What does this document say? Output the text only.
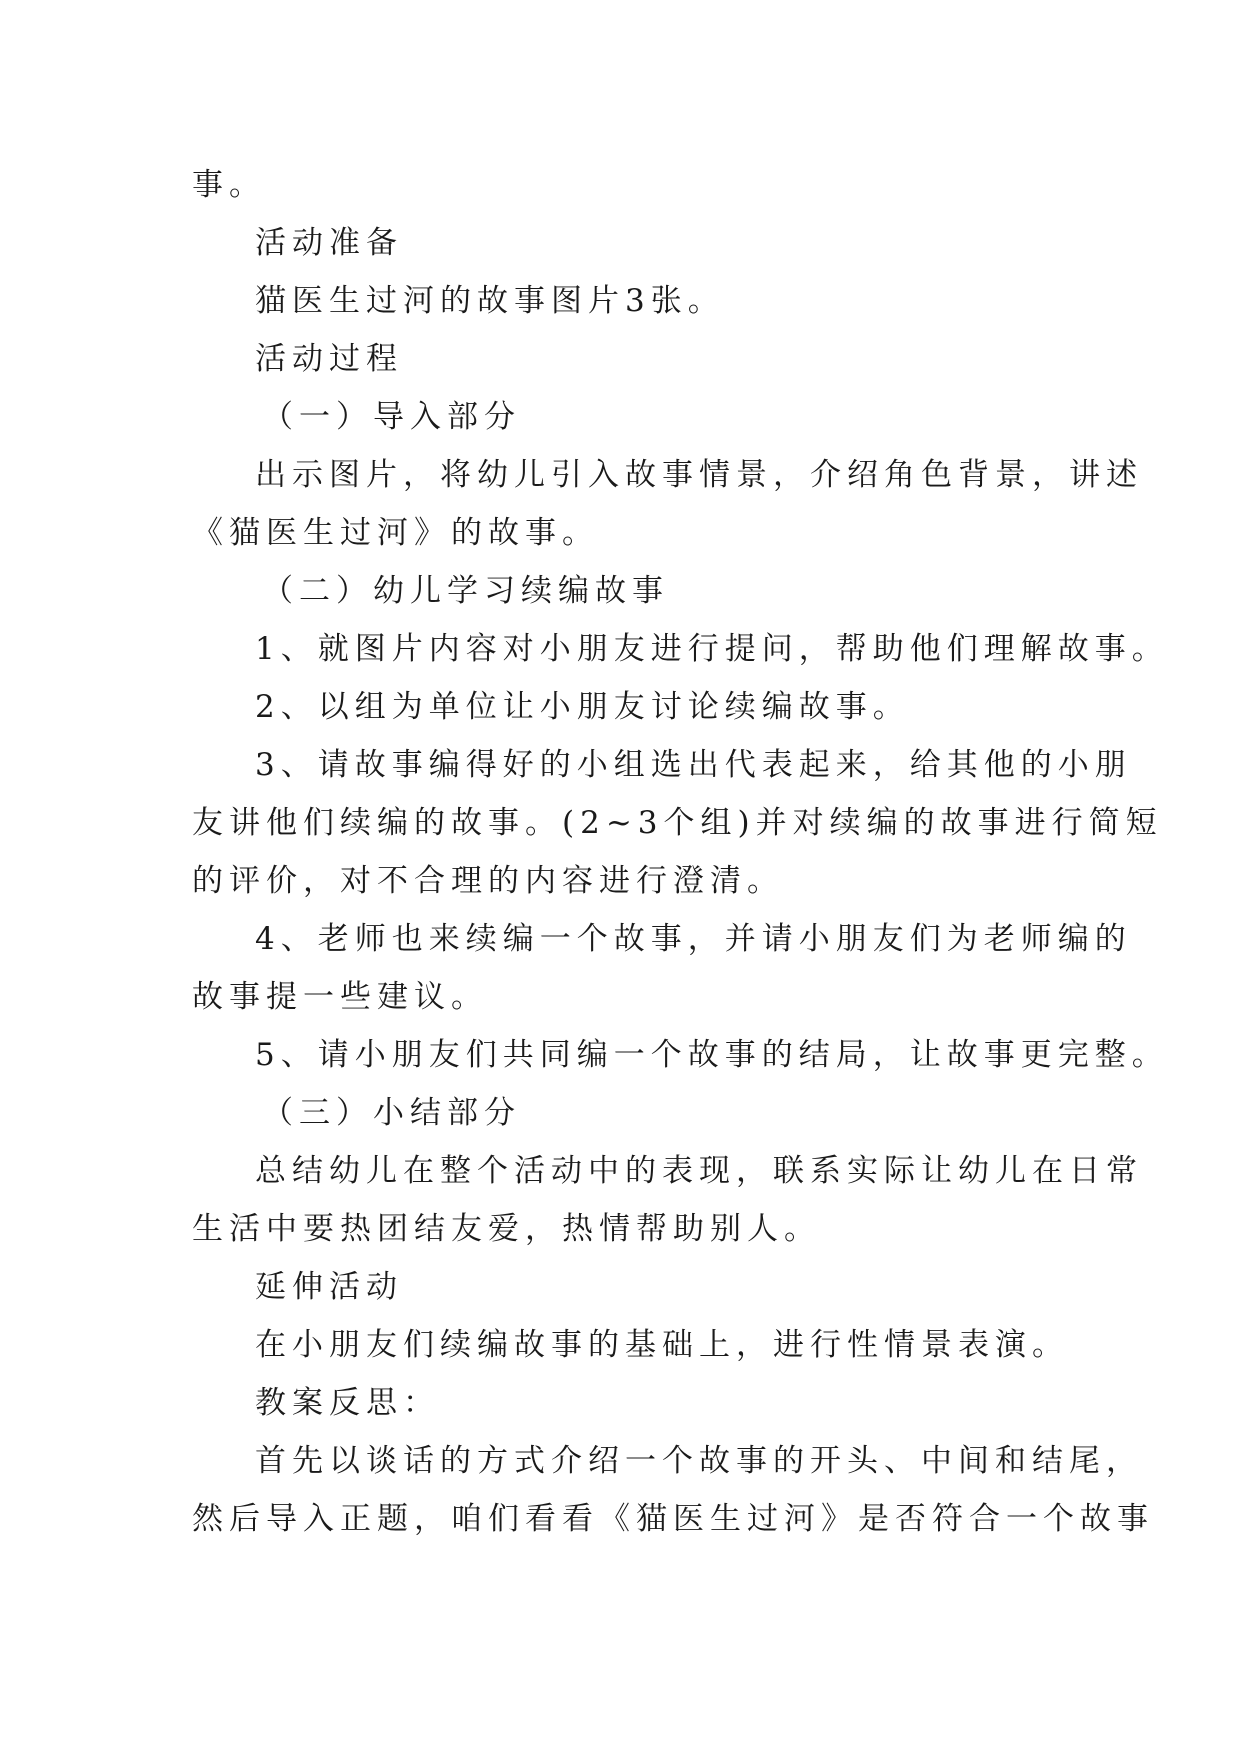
事。
活动准备
猫医生过河的故事图片3张。
活动过程
（一）导入部分
出示图片，将幼儿引入故事情景，介绍角色背景，讲述
《猫医生过河》的故事。
（二）幼儿学习续编故事
1、就图片内容对小朋友进行提问，帮助他们理解故事。
2、以组为单位让小朋友讨论续编故事。
3、请故事编得好的小组选出代表起来，给其他的小朋
友讲他们续编的故事。(2~3个组)并对续编的故事进行简短
的评价，对不合理的内容进行澄清。
4、老师也来续编一个故事，并请小朋友们为老师编的
故事提一些建议。
5、请小朋友们共同编一个故事的结局，让故事更完整。
（三）小结部分
总结幼儿在整个活动中的表现，联系实际让幼儿在日常
生活中要热团结友爱，热情帮助别人。
延伸活动
在小朋友们续编故事的基础上，进行性情景表演。
教案反思：
首先以谈话的方式介绍一个故事的开头、中间和结尾，
然后导入正题，咱们看看《猫医生过河》是否符合一个故事
